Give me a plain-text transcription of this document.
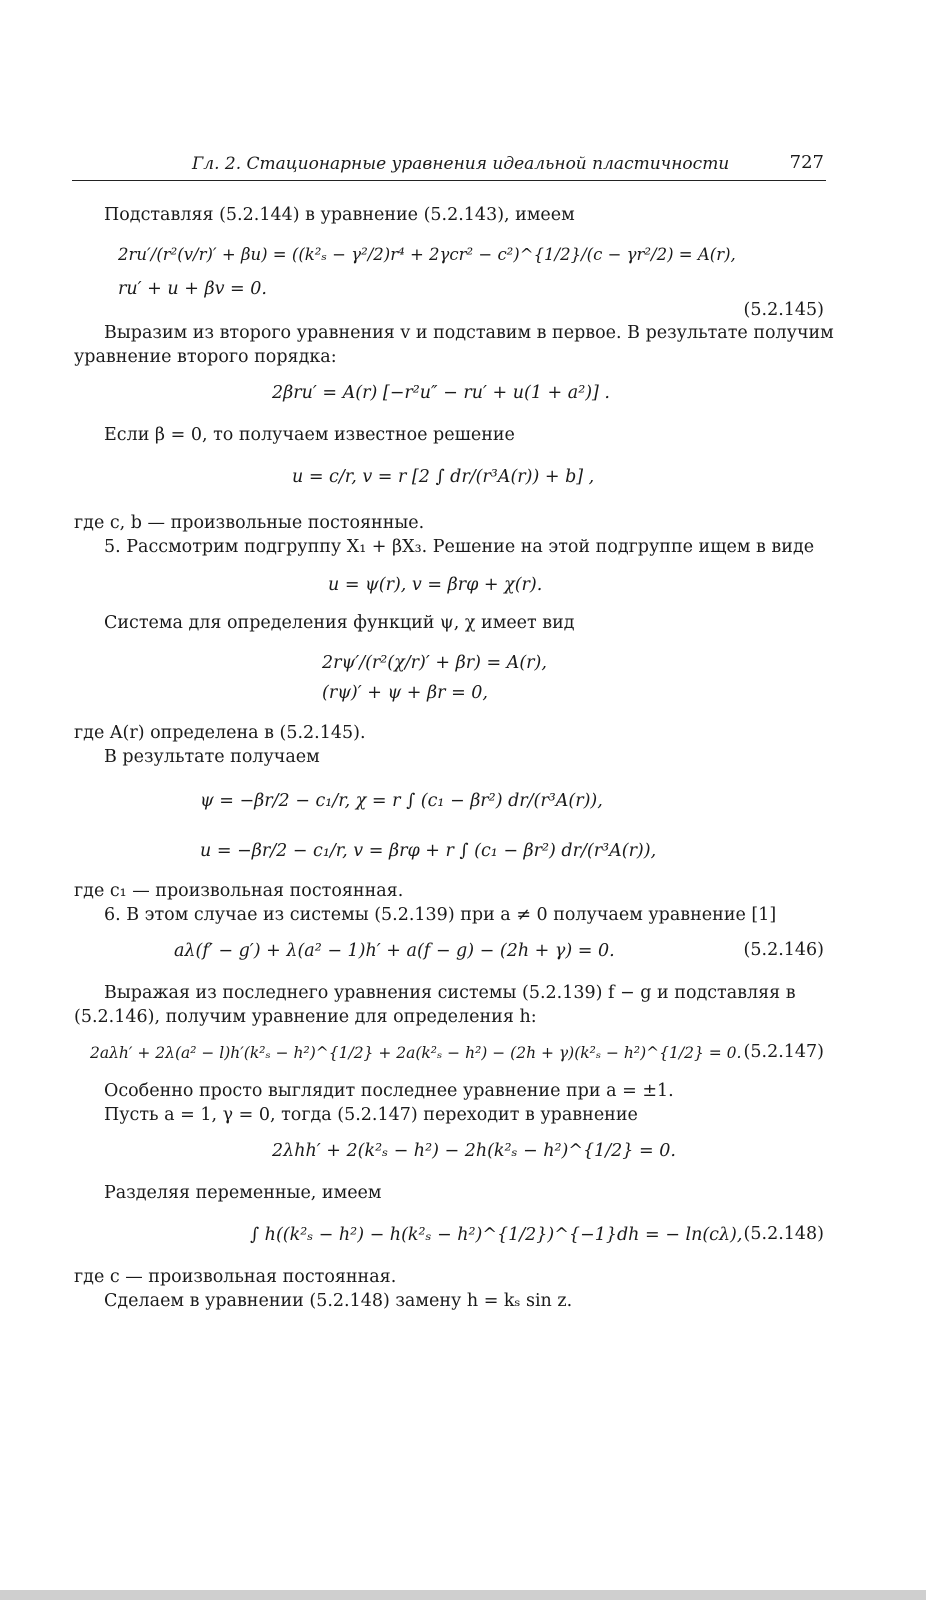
Гл. 2. Стационарные уравнения идеальной пластичности	727
Подставляя (5.2.144) в уравнение (5.2.143), имеем
2ru′/(r²(v/r)′ + βu) = ((k²ₛ − γ²/2)r⁴ + 2γcr² − c²)^{1/2}/(c − γr²/2) = A(r),
ru′ + u + βv = 0.
(5.2.145)
Выразим из второго уравнения v и подставим в первое. В результате получим
уравнение второго порядка:
2βru′ = A(r) [−r²u″ − ru′ + u(1 + a²)] .
Если β = 0, то получаем известное решение
u = c/r, v = r [2 ∫ dr/(r³A(r)) + b] ,
где c, b — произвольные постоянные.
5. Рассмотрим подгруппу X₁ + βX₃. Решение на этой подгруппе ищем в виде
u = ψ(r), v = βrφ + χ(r).
Система для определения функций ψ, χ имеет вид
2rψ′/(r²(χ/r)′ + βr) = A(r),
(rψ)′ + ψ + βr = 0,
где A(r) определена в (5.2.145).
В результате получаем
ψ = −βr/2 − c₁/r, χ = r ∫ (c₁ − βr²) dr/(r³A(r)),
u = −βr/2 − c₁/r, v = βrφ + r ∫ (c₁ − βr²) dr/(r³A(r)),
где c₁ — произвольная постоянная.
6. В этом случае из системы (5.2.139) при a ≠ 0 получаем уравнение [1]
aλ(f′ − g′) + λ(a² − 1)h′ + a(f − g) − (2h + γ) = 0.	(5.2.146)
Выражая из последнего уравнения системы (5.2.139) f − g и подставляя в
(5.2.146), получим уравнение для определения h:
2aλh′ + 2λ(a² − l)h′(k²ₛ − h²)^{1/2} + 2a(k²ₛ − h²) − (2h + γ)(k²ₛ − h²)^{1/2} = 0. (5.2.147)
Особенно просто выглядит последнее уравнение при a = ±1.
Пусть a = 1, γ = 0, тогда (5.2.147) переходит в уравнение
2λhh′ + 2(k²ₛ − h²) − 2h(k²ₛ − h²)^{1/2} = 0.
Разделяя переменные, имеем
∫ h((k²ₛ − h²) − h(k²ₛ − h²)^{1/2})^{−1}dh = − ln(cλ), (5.2.148)
где c — произвольная постоянная.
Сделаем в уравнении (5.2.148) замену h = kₛ sin z.
